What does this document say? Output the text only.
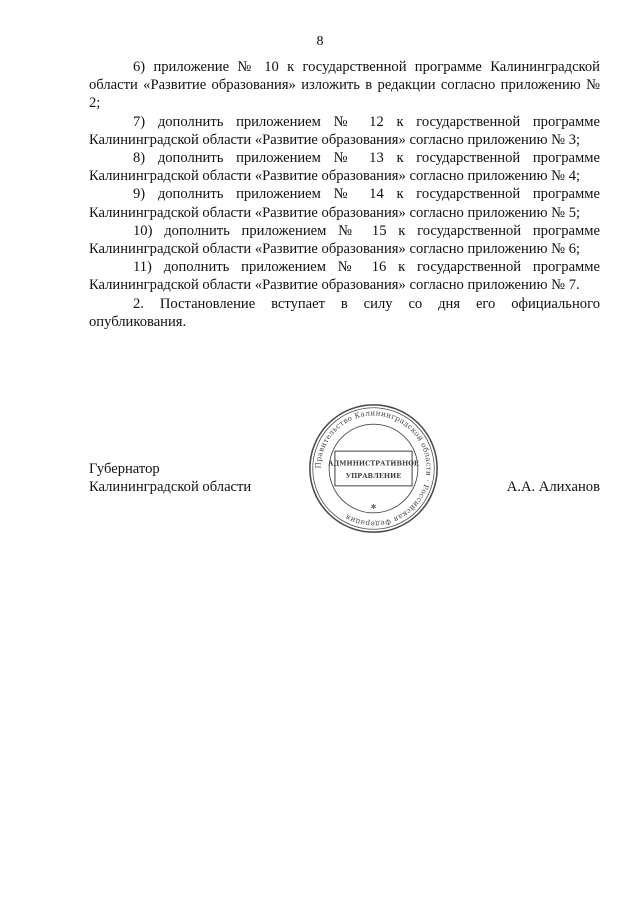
8

6) приложение № 10 к государственной программе Калининградской области «Развитие образования» изложить в редакции согласно приложению № 2;

7) дополнить приложением № 12 к государственной программе Калининградской области «Развитие образования» согласно приложению № 3;

8) дополнить приложением № 13 к государственной программе Калининградской области «Развитие образования» согласно приложению № 4;

9) дополнить приложением № 14 к государственной программе Калининградской области «Развитие образования» согласно приложению № 5;

10) дополнить приложением № 15 к государственной программе Калининградской области «Развитие образования» согласно приложению № 6;

11) дополнить приложением № 16 к государственной программе Калининградской области «Развитие образования» согласно приложению № 7.

2. Постановление вступает в силу со дня его официального опубликования.

Губернатор
Калининградской области	А.А. Алиханов
Правительство Калининградской области · Российская Федерация
АДМИНИСТРАТИВНОЕ
УПРАВЛЕНИЕ
✱
